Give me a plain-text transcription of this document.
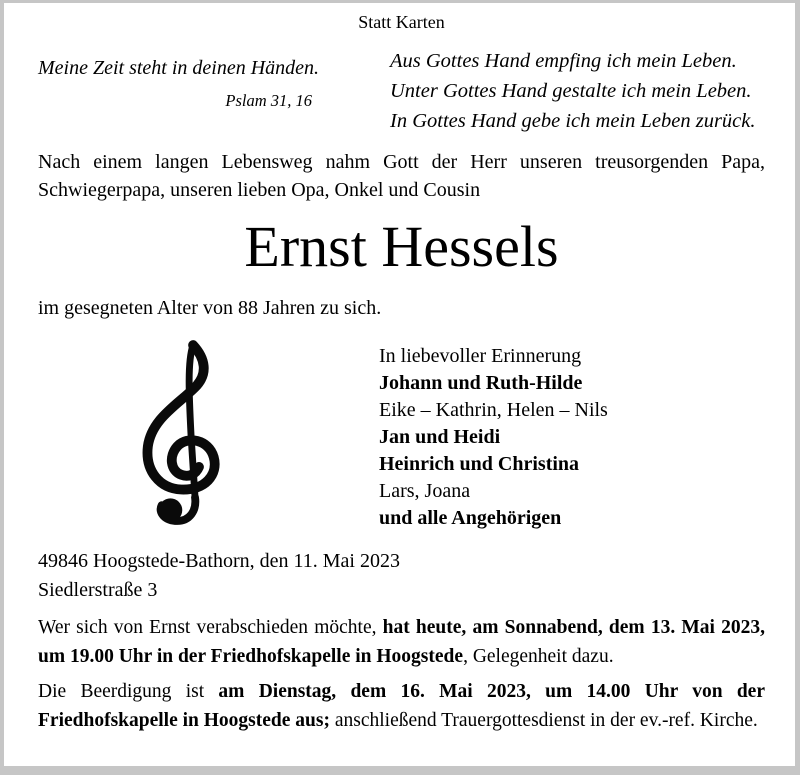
Statt Karten
Meine Zeit steht in deinen Händen.
Pslam 31, 16
Aus Gottes Hand empfing ich mein Leben.
Unter Gottes Hand gestalte ich mein Leben.
In Gottes Hand gebe ich mein Leben zurück.
Nach einem langen Lebensweg nahm Gott der Herr unseren treusorgenden Papa, Schwiegerpapa, unseren lieben Opa, Onkel und Cousin
Ernst Hessels
im gesegneten Alter von 88 Jahren zu sich.
In liebevoller Erinnerung
Johann und Ruth-Hilde
Eike – Kathrin, Helen – Nils
Jan und Heidi
Heinrich und Christina
Lars, Joana
und alle Angehörigen
49846 Hoogstede-Bathorn, den 11. Mai 2023
Siedlerstraße 3
Wer sich von Ernst verabschieden möchte, hat heute, am Sonnabend, dem 13. Mai 2023, um 19.00 Uhr in der Friedhofskapelle in Hoogstede, Gelegenheit dazu.
Die Beerdigung ist am Dienstag, dem 16. Mai 2023, um 14.00 Uhr von der Friedhofskapelle in Hoogstede aus; anschließend Trauergottesdienst in der ev.-ref. Kirche.
